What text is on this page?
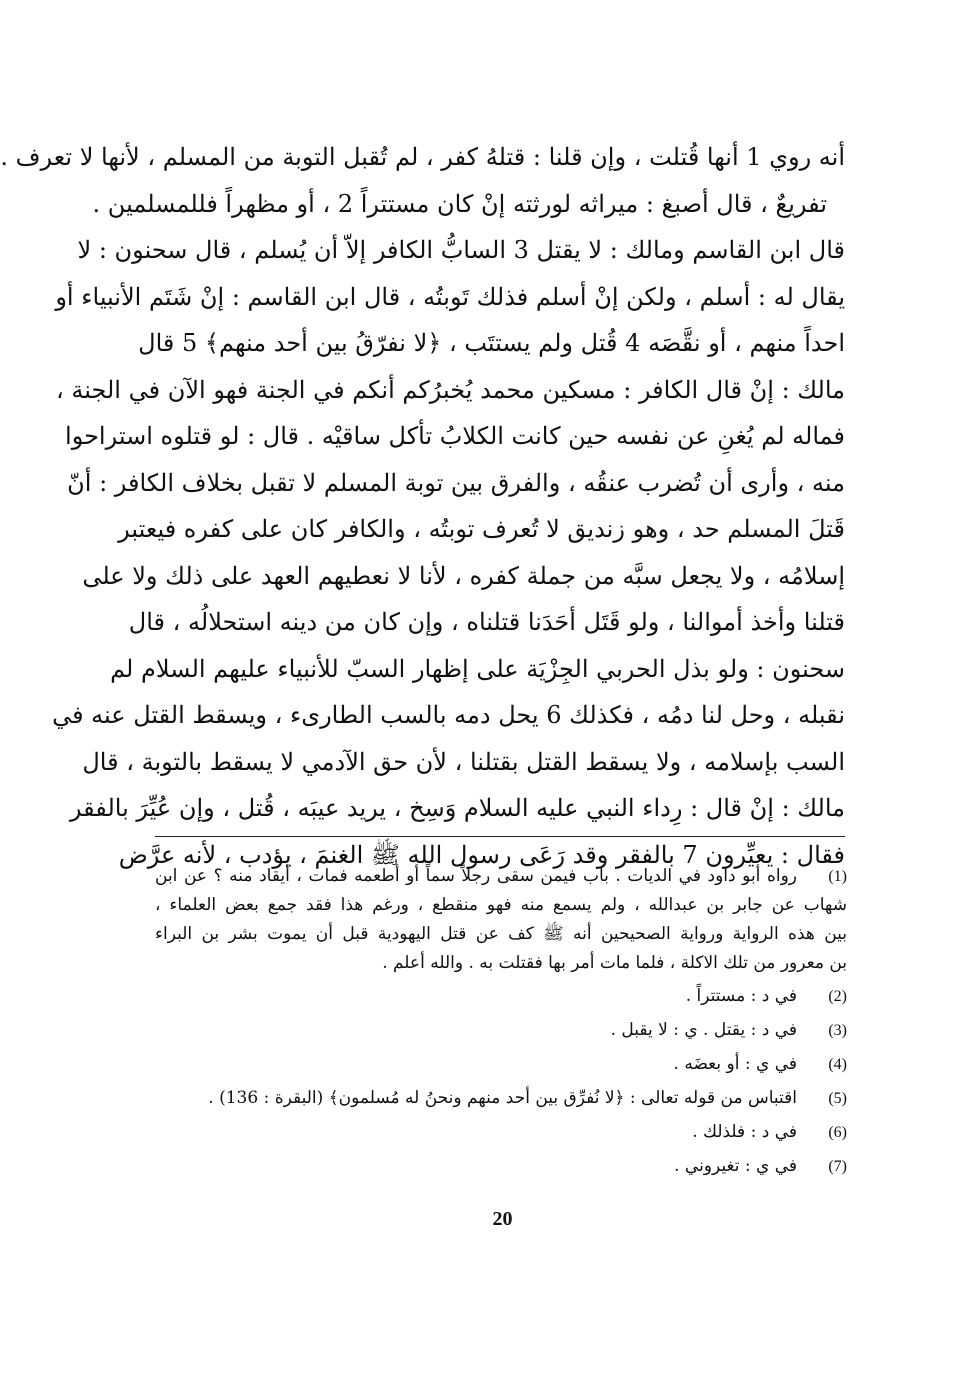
أنه روي 1 أنها قُتلت ، وإن قلنا : قتلهُ كفر ، لم تُقبل التوبة من المسلم ، لأنها لا تعرف .
تفريعٌ ، قال أصبغ : ميراثه لورثته إنْ كان مستتراً 2 ، أو مظهراً فللمسلمين .
قال ابن القاسم ومالك : لا يقتل 3 السابُّ الكافر إلاّ أن يُسلم ، قال سحنون : لا
يقال له : أسلم ، ولكن إنْ أسلم فذلك تَوبتُه ، قال ابن القاسم : إنْ شَتَم الأنبياء أو
احداً منهم ، أو نقَّصَه 4 قُتل ولم يستتَب ، ﴿لا نفرّقُ بين أحد منهم﴾ 5 قال
مالك : إنْ قال الكافر : مسكين محمد يُخبرُكم أنكم في الجنة فهو الآن في الجنة ،
فماله لم يُغنِ عن نفسه حين كانت الكلابُ تأكل ساقيْه . قال : لو قتلوه استراحوا
منه ، وأرى أن تُضرب عنقُه ، والفرق بين توبة المسلم لا تقبل بخلاف الكافر : أنّ
قَتلَ المسلم حد ، وهو زنديق لا تُعرف توبتُه ، والكافر كان على كفره فيعتبر
إسلامُه ، ولا يجعل سبَّه من جملة كفره ، لأنا لا نعطيهم العهد على ذلك ولا على
قتلنا وأخذ أموالنا ، ولو قَتَل أحَدَنا قتلناه ، وإن كان من دينه استحلالُه ، قال
سحنون : ولو بذل الحربي الجِزْيَة على إظهار السبّ للأنبياء عليهم السلام لم
نقبله ، وحل لنا دمُه ، فكذلك 6 يحل دمه بالسب الطارىء ، ويسقط القتل عنه في
السب بإسلامه ، ولا يسقط القتل بقتلنا ، لأن حق الآدمي لا يسقط بالتوبة ، قال
مالك : إنْ قال : رِداء النبي عليه السلام وَسِخ ، يريد عيبَه ، قُتل ، وإن عُيِّرَ بالفقر
فقال : يعيِّرون 7 بالفقر وقد رَعَى رسول الله ﷺ الغنمَ ، يؤدب ، لأنه عرَّض
(1)
رواه أبو داود في الديات . باب فيمن سقى رجلاً سماً أو أطعمه فمات ، أيقاد منه ؟ عن ابن
شهاب عن جابر بن عبدالله ، ولم يسمع منه فهو منقطع ، ورغم هذا فقد جمع بعض العلماء ،
بين هذه الرواية ورواية الصحيحين أنه ﷺ كف عن قتل اليهودية قبل أن يموت بشر بن البراء
بن معرور من تلك الاكلة ، فلما مات أمر بها فقتلت به . والله أعلم .
(2)
في د : مستتراً .
(3)
في د : يقتل . ي : لا يقبل .
(4)
في ي : أو بعضَه .
(5)
اقتباس من قوله تعالى : ﴿لا نُفرِّق بين أحد منهم ونحنُ له مُسلمون﴾ (البقرة : 136) .
(6)
في د : فلذلك .
(7)
في ي : تغيروني .
20
